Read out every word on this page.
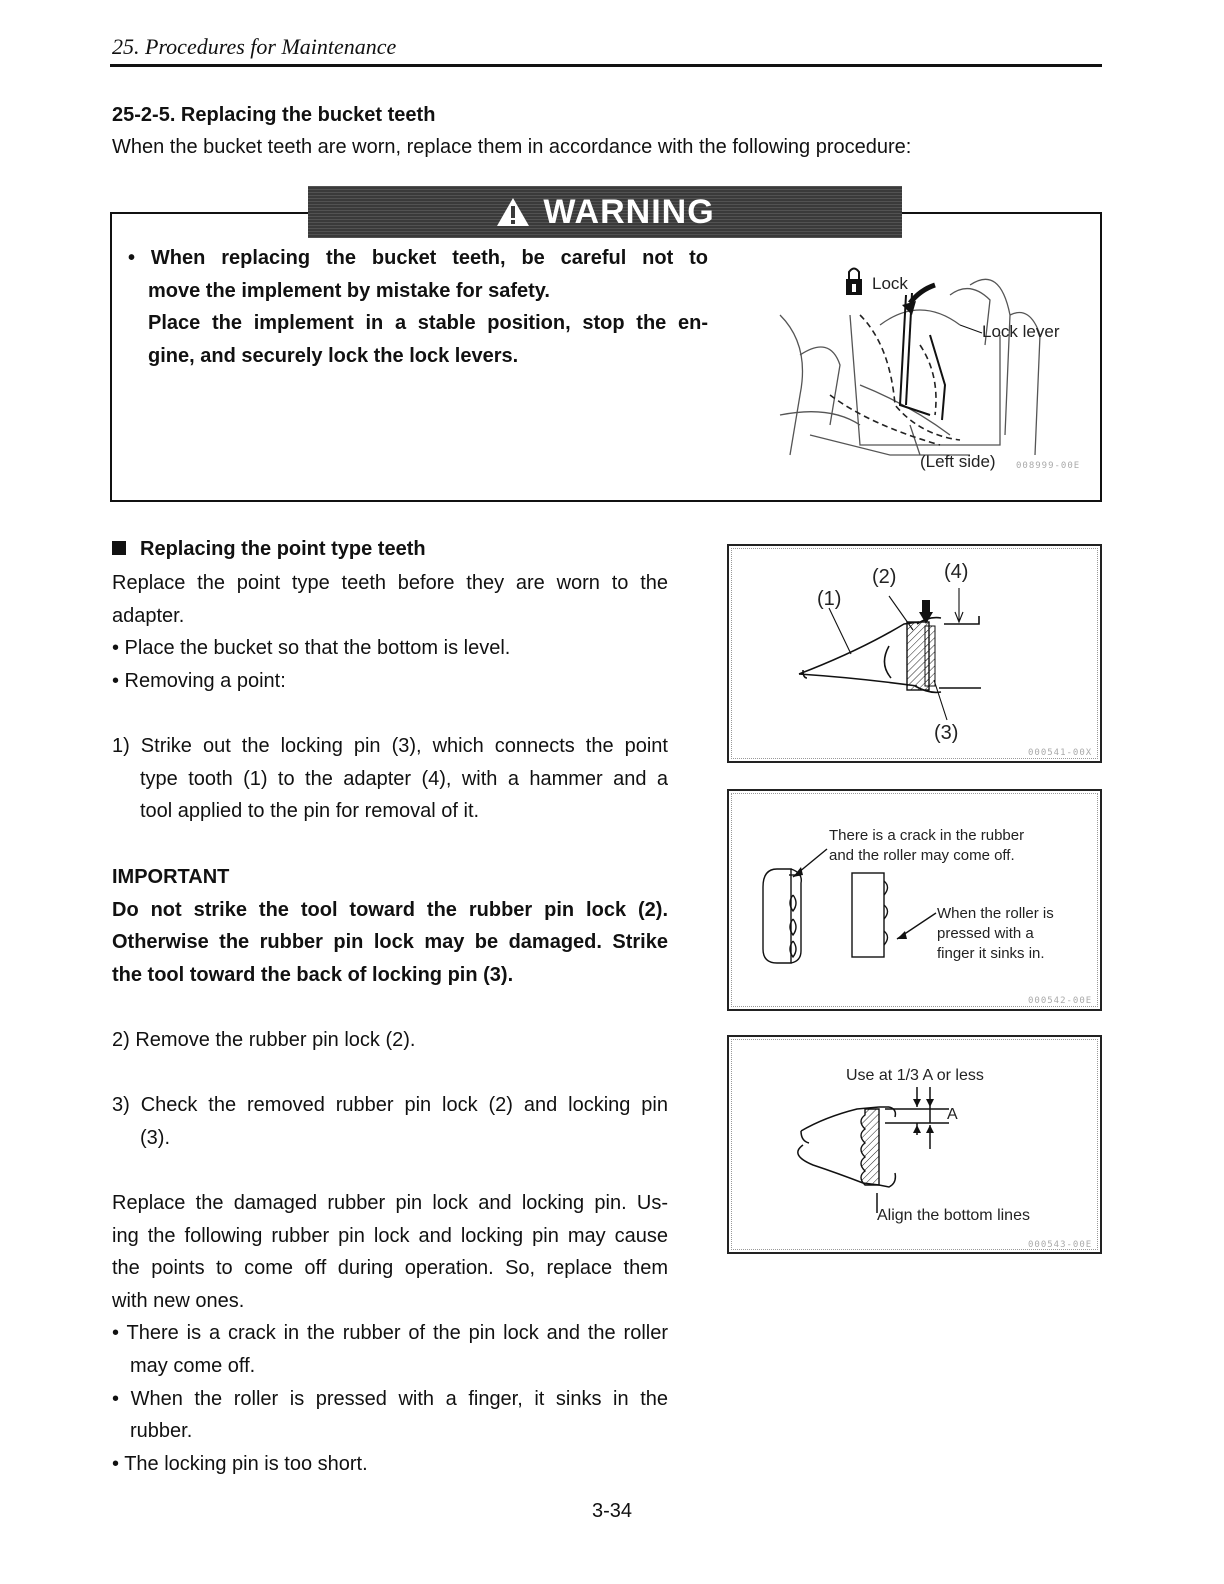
25. Procedures for Maintenance
25-2-5. Replacing the bucket teeth
When the bucket teeth are worn, replace them in accordance with the following procedure:
WARNING

• When replacing the bucket teeth, be careful not to

move the implement by mistake for safety.

Place the implement in a stable position, stop the en-

gine, and securely lock the lock levers.

Lock
Lock lever
(Left side) 008999-00E
Replacing the point type teeth

Replace the point type teeth before they are worn to the

adapter.

• Place the bucket so that the bottom is level.

• Removing a point:

1) Strike out the locking pin (3), which connects the point

type tooth (1) to the adapter (4), with a hammer and a

tool applied to the pin for removal of it.

IMPORTANT

Do not strike the tool toward the rubber pin lock (2).

Otherwise the rubber pin lock may be damaged. Strike

the tool toward the back of locking pin (3).

2) Remove the rubber pin lock (2).

3) Check the removed rubber pin lock (2) and locking pin

(3).

Replace the damaged rubber pin lock and locking pin. Us-

ing the following rubber pin lock and locking pin may cause

the points to come off during operation. So, replace them

with new ones.

• There is a crack in the rubber of the pin lock and the roller

may come off.

• When the roller is pressed with a finger, it sinks in the

rubber.

• The locking pin is too short.

(1)
(2) (4)
(3)
000541-00X
There is a crack in the rubber
and the roller may come off.
When the roller is
pressed with a
finger it sinks in.
000542-00E
Use at 1/3 A or less
A
Align the bottom lines
000543-00E
3-34
